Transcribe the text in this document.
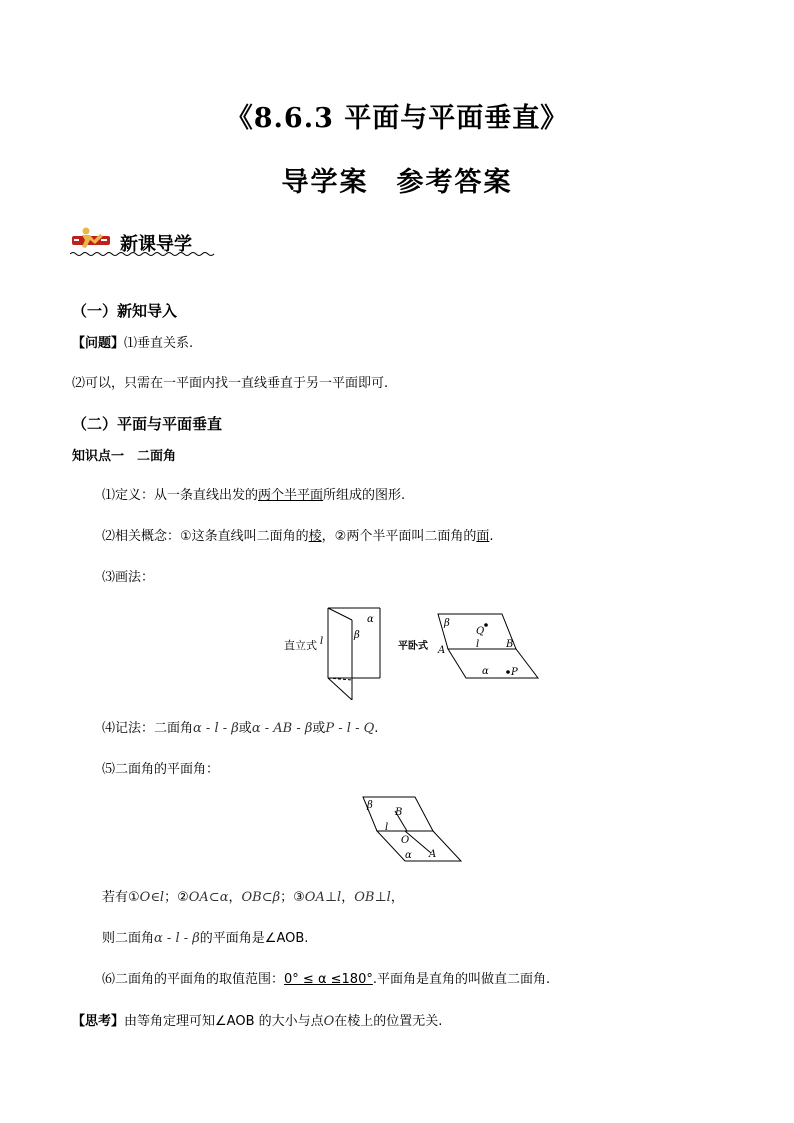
《8.6.3 平面与平面垂直》
导学案 参考答案
新课导学
（一）新知导入
【问题】⑴垂直关系.
⑵可以，只需在一平面内找一直线垂直于另一平面即可.
（二）平面与平面垂直
知识点一　二面角
⑴定义：从一条直线出发的两个半平面所组成的图形.
⑵相关概念：①这条直线叫二面角的棱，②两个半平面叫二面角的面.
⑶画法：
直立式
α
β
l	平卧式
β
Q
A
B
l
α P
⑷记法：二面角α - l - β或α - AB - β或P - l - Q.
⑸二面角的平面角：
β
B
l
O
A
α
若有①O∈l；②OA⊂α，OB⊂β；③OA⊥l，OB⊥l，
则二面角α - l - β的平面角是∠AOB.
⑹二面角的平面角的取值范围：0° ≤ α ≤180°.平面角是直角的叫做直二面角.
【思考】由等角定理可知∠AOB 的大小与点O在棱上的位置无关.
